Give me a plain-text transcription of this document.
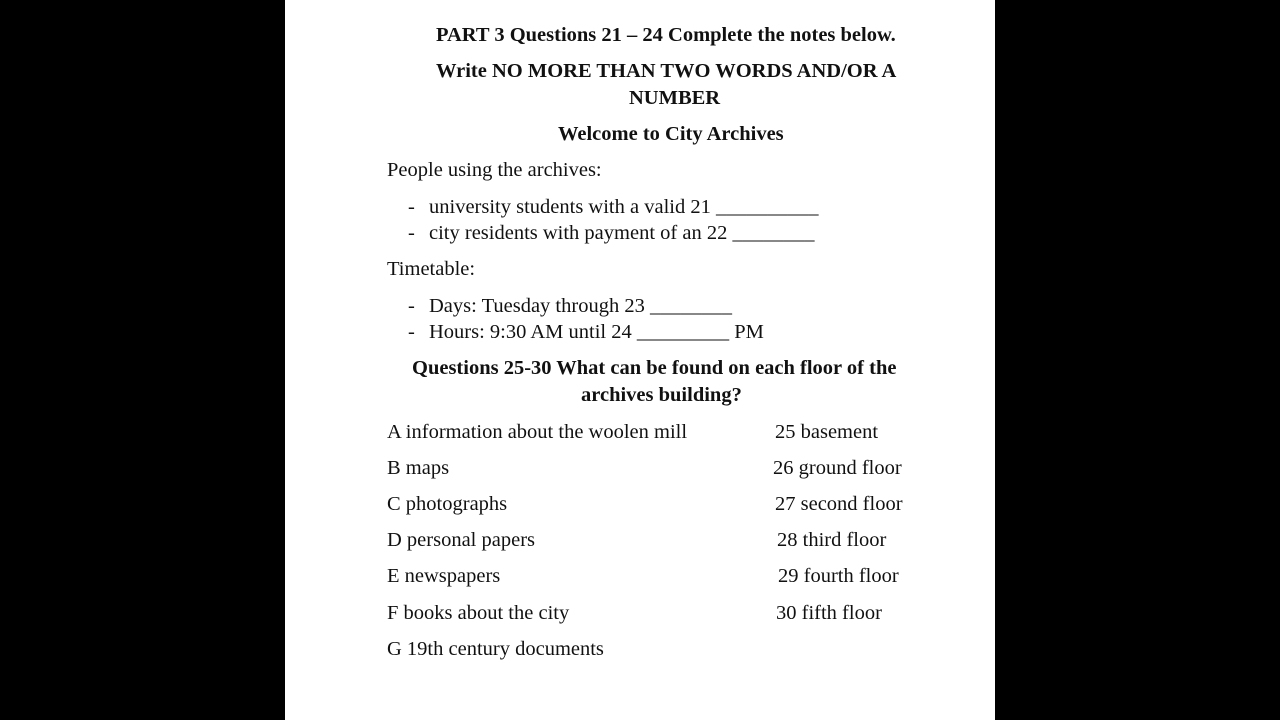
PART 3 Questions 21 – 24 Complete the notes below.
Write NO MORE THAN TWO WORDS AND/OR A
NUMBER
Welcome to City Archives
People using the archives:
- university students with a valid 21 __________
- city residents with payment of an 22 ________
Timetable:
- Days: Tuesday through 23 ________
- Hours: 9:30 AM until 24 _________ PM
Questions 25-30 What can be found on each floor of the
archives building?
A information about the woolen mill
B maps
C photographs
D personal papers
E newspapers
F books about the city
G 19th century documents
25 basement
26 ground floor
27 second floor
28 third floor
29 fourth floor
30 fifth floor
